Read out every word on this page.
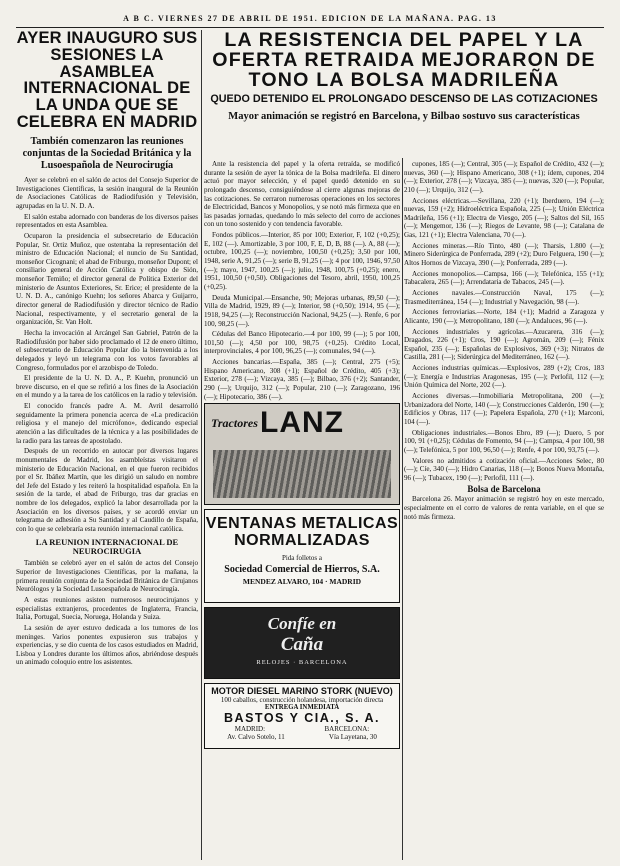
A B C. VIERNES 27 DE ABRIL DE 1951. EDICION DE LA MAÑANA. PAG. 13
AYER INAUGURO SUS SESIONES LA ASAMBLEA INTERNACIONAL DE LA UNDA QUE SE CELEBRA EN MADRID
También comenzaron las reuniones conjuntas de la Sociedad Británica y la Lusoespañola de Neurocirugía

Ayer se celebró en el salón de actos del Consejo Superior de Investigaciones Científicas, la sesión inaugural de la Reunión de Asociaciones Católicas de Radiodifusión y Televisión, agrupadas en la U. N. D. A.

El salón estaba adornado con banderas de los diversos países representados en esta Asamblea.

Ocuparon la presidencia el subsecretario de Educación Popular, Sr. Ortiz Muñoz, que ostentaba la representación del ministro de Educación Nacional; el nuncio de Su Santidad, monseñor Cicognani; el abad de Friburgo, monseñor Dupont; el consiliario general de Acción Católica y obispo de Sión, monseñor Temiño; el director general de Política Exterior del ministerio de Asuntos Exteriores, Sr. Erice; el presidente de la U. N. D. A., canónigo Kuehn; los señores Abarca y Guijarro, director general de Radiodifusión y director técnico de Radio Nacional, respectivamente, y el secretario general de la organización, Sr. Van Holt.

Hecha la invocación al Arcángel San Gabriel, Patrón de la Radiodifusión por haber sido proclamado el 12 de enero último, el subsecretario de Educación Popular dio la bienvenida a los delegados y leyó un telegrama con los votos favorables al Congreso, formulados por el arzobispo de Toledo.

El presidente de la U. N. D. A., P. Kuehn, pronunció un breve discurso, en el que se refirió a los fines de la Asociación en el mundo y a la tarea de los católicos en la radio y televisión.

El conocido francés padre A. M. Avril desarrolló seguidamente la primera ponencia acerca de «La predicación religiosa y el manejo del micrófono», dedicando especial atención a las dificultades de la técnica y a las posibilidades de la radio para las tareas de apostolado.

Después de un recorrido en autocar por diversos lugares monumentales de Madrid, los asambleístas visitaron el ministerio de Educación Nacional, en el que fueron recibidos por el Sr. Ibáñez Martín, que les dirigió un saludo en nombre del Jefe del Estado y les reiteró la hospitalidad española. En la sesión de la tarde, el abad de Friburgo, tras dar gracias en nombre de los delegados, explicó la labor desarrollada por la Asociación en los diversos países, y se acordó enviar un telegrama de adhesión a Su Santidad y al Caudillo de España, con lo que se celebraría esta reunión internacional católica.

LA REUNION INTERNACIONAL DE NEUROCIRUGIA

También se celebró ayer en el salón de actos del Consejo Superior de Investigaciones Científicas, por la mañana, la primera reunión conjunta de la Sociedad Británica de Cirujanos Neurólogos y la Sociedad Lusoespañola de Neurocirugía.

A estas reuniones asisten numerosos neurocirujanos y especialistas extranjeros, procedentes de Inglaterra, Francia, Italia, Portugal, Suecia, Noruega, Holanda y Suiza.

La sesión de ayer estuvo dedicada a los tumores de los meninges. Varios ponentes expusieron sus trabajos y experiencias, y se dio cuenta de los casos estudiados en Madrid, Lisboa y Londres durante los últimos años, abriéndose después un animado coloquio entre los asistentes.

LA RESISTENCIA DEL PAPEL Y LA OFERTA RETRAIDA MEJORARON DE TONO LA BOLSA MADRILEÑA
QUEDO DETENIDO EL PROLONGADO DESCENSO DE LAS COTIZACIONES
Mayor animación se registró en Barcelona, y Bilbao sostuvo sus características

Ante la resistencia del papel y la oferta retraída, se modificó durante la sesión de ayer la tónica de la Bolsa madrileña. El dinero actuó por mayor selección, y el papel quedó detenido en su prolongado descenso, consiguiéndose al cierre algunas mejoras de las cotizaciones. Se cerraron numerosas operaciones en los sectores de Electricidad, Bancos y Monopolios, y se notó más firmeza que en las pasadas jornadas, quedando lo más selecto del corro de acciones con un tono sostenido y con tendencia favorable.

Fondos públicos.—Interior, 85 por 100; Exterior, F, 102 (+0,25); E, 102 (—). Amortizable, 3 por 100, F, E, D, B, 88 (—). A, 88 (—); octubre, 100,25 (—); noviembre, 100,50 (+0,25); 3,50 por 100, 1948, serie A, 91,25 (—); serie B, 91,25 (—); 4 por 100, 1946, 97,50 (—); mayo, 1947, 100,25 (—); julio, 1948, 100,75 (+0,25); enero, 1951, 100,50 (+0,50). Obligaciones del Tesoro, abril, 1950, 100,25 (+0,25).

Deuda Municipal.—Ensanche, 90; Mejoras urbanas, 89,50 (—); Villa de Madrid, 1929, 89 (—); Interior, 98 (+0,50); 1914, 95 (—); 1918, 94,25 (—); Reconstrucción Nacional, 94,25 (—). Renfe, 6 por 100, 98,25 (—).

Cédulas del Banco Hipotecario.—4 por 100, 99 (—); 5 por 100, 101,50 (—); 4,50 por 100, 98,75 (+0,25). Crédito Local, interprovinciales, 4 por 100, 96,25 (—); comunales, 94 (—).

Acciones bancarias.—España, 385 (—); Central, 275 (+5); Hispano Americano, 308 (+1); Español de Crédito, 405 (+3); Exterior, 278 (—); Vizcaya, 385 (—); Bilbao, 376 (+2); Santander, 290 (—); Urquijo, 312 (—); Popular, 210 (—); Zaragozano, 196 (—); Hipotecario, 386 (—).

Tractores LANZ
VENTANAS METALICAS NORMALIZADAS
Pida folletos a
Sociedad Comercial de Hierros, S.A.
MENDEZ ALVARO, 104 · MADRID
Confíe en
Caña
RELOJES · BARCELONA
MOTOR DIESEL MARINO STORK (NUEVO)
100 caballos, construcción holandesa, importación directa
ENTREGA INMEDIATA
BASTOS Y CIA., S. A.
MADRID:	BARCELONA:
Av. Calvo Sotelo, 11	Vía Layetana, 30

cupones, 185 (—); Central, 305 (—); Español de Crédito, 432 (—); nuevas, 360 (—); Hispano Americano, 308 (+1); ídem, cupones, 204 (—); Exterior, 278 (—); Vizcaya, 385 (—); nuevas, 320 (—); Popular, 210 (—); Urquijo, 312 (—).

Acciones eléctricas.—Sevillana, 220 (+1); Iberduero, 194 (—); nuevas, 159 (+2); Hidroeléctrica Española, 225 (—); Unión Eléctrica Madrileña, 156 (+1); Electra de Viesgo, 205 (—); Saltos del Sil, 165 (—); Mengemor, 136 (—); Riegos de Levante, 98 (—); Catalana de Gas, 121 (+1); Electra Valenciana, 70 (—).

Acciones mineras.—Río Tinto, 480 (—); Tharsis, 1.800 (—); Minero Siderúrgica de Ponferrada, 289 (+2); Duro Felguera, 190 (—); Altos Hornos de Vizcaya, 390 (—); Ponferrada, 289 (—).

Acciones monopolios.—Campsa, 166 (—); Telefónica, 155 (+1); Tabacalera, 265 (—); Arrendataria de Tabacos, 245 (—).

Acciones navales.—Construcción Naval, 175 (—); Trasmediterránea, 154 (—); Industrial y Navegación, 98 (—).

Acciones ferroviarias.—Norte, 184 (+1); Madrid a Zaragoza y Alicante, 190 (—); Metropolitano, 180 (—); Andaluces, 96 (—).

Acciones industriales y agrícolas.—Azucarera, 316 (—); Dragados, 226 (+1); Cros, 190 (—); Agromán, 209 (—); Fénix Español, 235 (—); Españolas de Explosivos, 369 (+3); Nitratos de Castilla, 281 (—); Siderúrgica del Mediterráneo, 162 (—).

Acciones industrias químicas.—Explosivos, 289 (+2); Cros, 183 (—); Energía e Industrias Aragonesas, 195 (—); Perlofil, 112 (—); Unión Química del Norte, 202 (—).

Acciones diversas.—Inmobiliaria Metropolitana, 200 (—); Urbanizadora del Norte, 140 (—); Construcciones Calderón, 190 (—); Edificios y Obras, 117 (—); Papelera Española, 270 (+1); Marconi, 104 (—).

Obligaciones industriales.—Bonos Ebro, 89 (—); Duero, 5 por 100, 91 (+0,25); Cédulas de Fomento, 94 (—); Campsa, 4 por 100, 98 (—); Telefónica, 5 por 100, 96,50 (—); Renfe, 4 por 100, 93,75 (—).

Valores no admitidos a cotización oficial.—Acciones Selec, 80 (—); Cíe, 340 (—); Hidro Canarias, 118 (—); Bonos Nueva Montaña, 96 (—); Tubacex, 190 (—); Perlofil, 111 (—).

Bolsa de Barcelona

Barcelona 26. Mayor animación se registró hoy en este mercado, especialmente en el corro de valores de renta variable, en el que se notó más firmeza.
